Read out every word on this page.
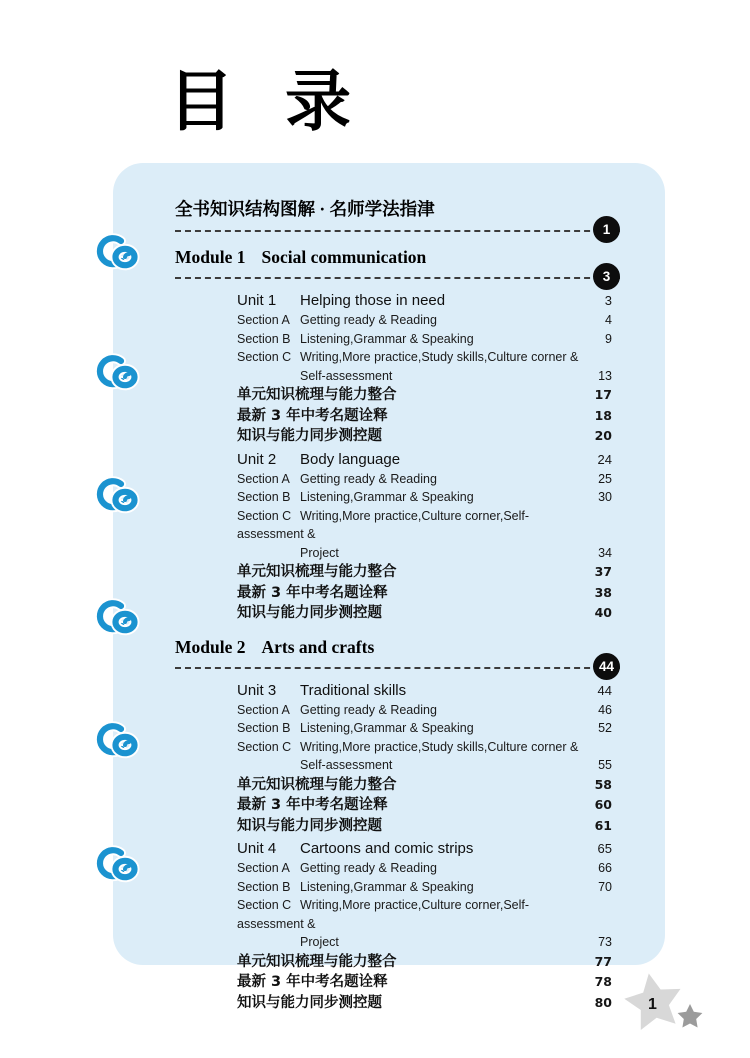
目 录
全书知识结构图解 · 名师学法指津
1
Module 1 Social communication
3
Unit 1 Helping those in need	3
Section A Getting ready & Reading	4
Section B Listening,Grammar & Speaking	9
Section C Writing,More practice,Study skills,Culture corner &
Self-assessment	13
单元知识梳理与能力整合	17
最新 3 年中考名题诠释	18
知识与能力同步测控题	20
Unit 2 Body language	24
Section A Getting ready & Reading	25
Section B Listening,Grammar & Speaking	30
Section C Writing,More practice,Culture corner,Self-assessment &
Project	34
单元知识梳理与能力整合	37
最新 3 年中考名题诠释	38
知识与能力同步测控题	40
Module 2 Arts and crafts
44
Unit 3 Traditional skills	44
Section A Getting ready & Reading	46
Section B Listening,Grammar & Speaking	52
Section C Writing,More practice,Study skills,Culture corner &
Self-assessment	55
单元知识梳理与能力整合	58
最新 3 年中考名题诠释	60
知识与能力同步测控题	61
Unit 4 Cartoons and comic strips	65
Section A Getting ready & Reading	66
Section B Listening,Grammar & Speaking	70
Section C Writing,More practice,Culture corner,Self-assessment &
Project	73
单元知识梳理与能力整合	77
最新 3 年中考名题诠释	78
知识与能力同步测控题	80 1
